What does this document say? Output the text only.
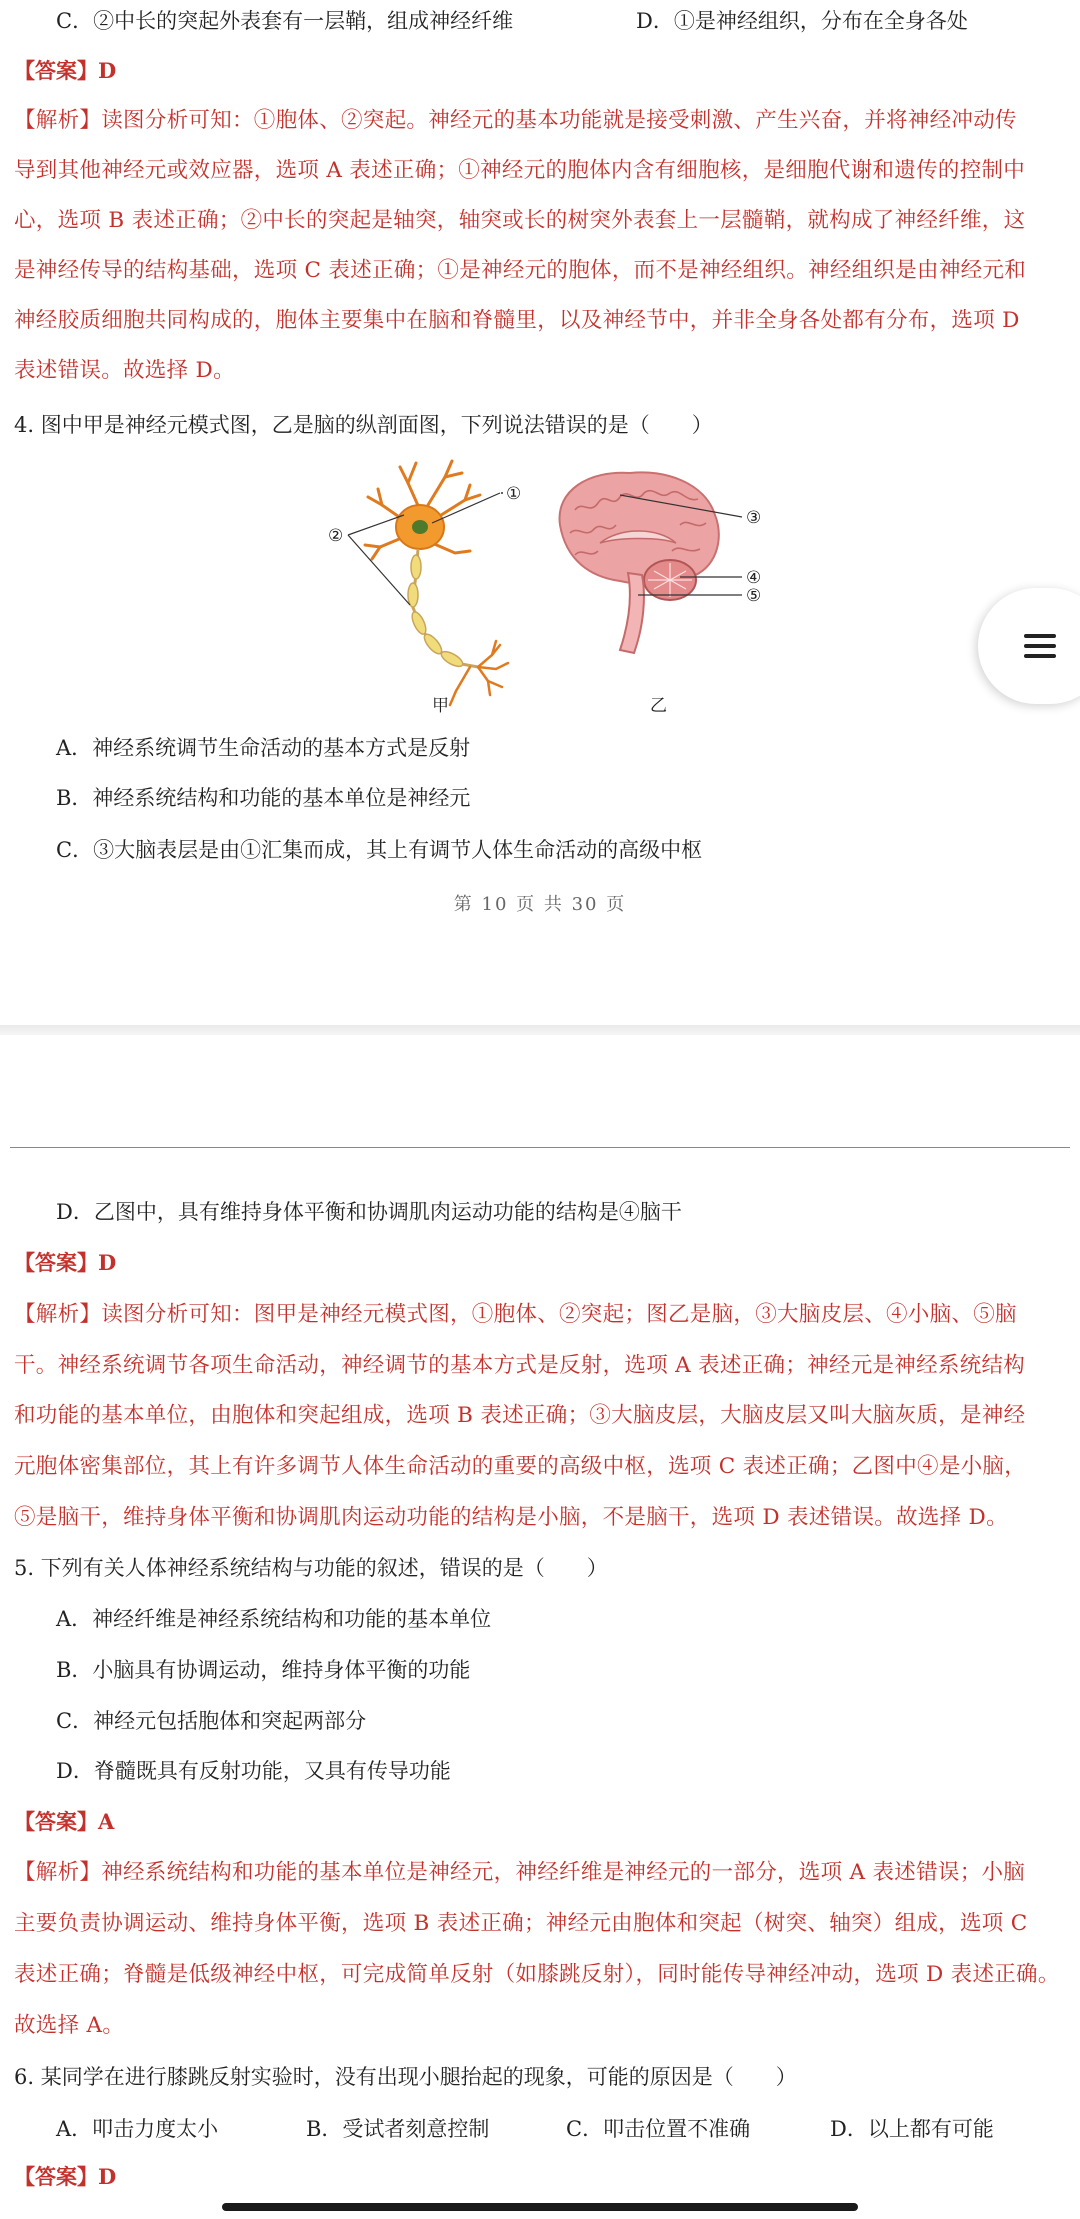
C．②中长的突起外表套有一层鞘，组成神经纤维	D．①是神经组织，分布在全身各处
【答案】D
【解析】读图分析可知：①胞体、②突起。神经元的基本功能就是接受刺激、产生兴奋，并将神经冲动传
导到其他神经元或效应器，选项 A 表述正确；①神经元的胞体内含有细胞核，是细胞代谢和遗传的控制中
心，选项 B 表述正确；②中长的突起是轴突，轴突或长的树突外表套上一层髓鞘，就构成了神经纤维，这
是神经传导的结构基础，选项 C 表述正确；①是神经元的胞体，而不是神经组织。神经组织是由神经元和
神经胶质细胞共同构成的，胞体主要集中在脑和脊髓里，以及神经节中，并非全身各处都有分布，选项 D
表述错误。故选择 D。
4. 图中甲是神经元模式图，乙是脑的纵剖面图，下列说法错误的是（　　）
①
②
甲
③
④
⑤
乙
A．神经系统调节生命活动的基本方式是反射
B．神经系统结构和功能的基本单位是神经元
C．③大脑表层是由①汇集而成，其上有调节人体生命活动的高级中枢
第 10 页 共 30 页
D．乙图中，具有维持身体平衡和协调肌肉运动功能的结构是④脑干
【答案】D
【解析】读图分析可知：图甲是神经元模式图，①胞体、②突起；图乙是脑，③大脑皮层、④小脑、⑤脑
干。神经系统调节各项生命活动，神经调节的基本方式是反射，选项 A 表述正确；神经元是神经系统结构
和功能的基本单位，由胞体和突起组成，选项 B 表述正确；③大脑皮层，大脑皮层又叫大脑灰质，是神经
元胞体密集部位，其上有许多调节人体生命活动的重要的高级中枢，选项 C 表述正确；乙图中④是小脑，
⑤是脑干，维持身体平衡和协调肌肉运动功能的结构是小脑，不是脑干，选项 D 表述错误。故选择 D。
5. 下列有关人体神经系统结构与功能的叙述，错误的是（　　）
A．神经纤维是神经系统结构和功能的基本单位
B．小脑具有协调运动，维持身体平衡的功能
C．神经元包括胞体和突起两部分
D．脊髓既具有反射功能，又具有传导功能
【答案】A
【解析】神经系统结构和功能的基本单位是神经元，神经纤维是神经元的一部分，选项 A 表述错误；小脑
主要负责协调运动、维持身体平衡，选项 B 表述正确；神经元由胞体和突起（树突、轴突）组成，选项 C
表述正确；脊髓是低级神经中枢，可完成简单反射（如膝跳反射），同时能传导神经冲动，选项 D 表述正确。
故选择 A。
6. 某同学在进行膝跳反射实验时，没有出现小腿抬起的现象，可能的原因是（　　）
A．叩击力度太小	B．受试者刻意控制	C．叩击位置不准确	D．以上都有可能
【答案】D
